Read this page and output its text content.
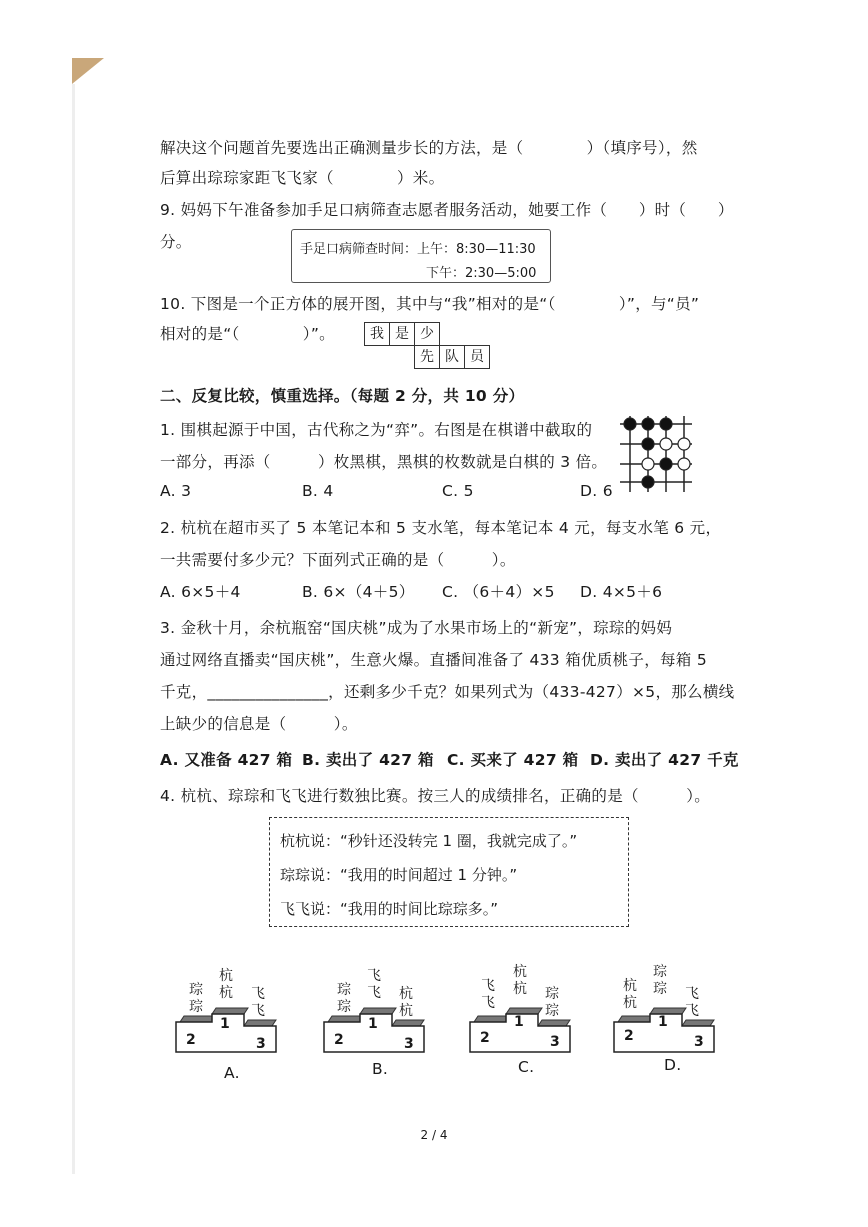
解决这个问题首先要选出正确测量步长的方法，是（　　　　）（填序号），然
后算出琮琮家距飞飞家（　　　　）米。
9. 妈妈下午准备参加手足口病筛查志愿者服务活动，她要工作（　　）时（　　）
分。	手足口病筛查时间：上午：8:30—11:30
下午：2:30—5:00
10. 下图是一个正方体的展开图，其中与“我”相对的是“（　　　　）”，与“员”
相对的是“（　　　　）”。	我 是 少
先 队 员
二、反复比较，慎重选择。（每题 2 分，共 10 分）
1. 围棋起源于中国，古代称之为“弈”。右图是在棋谱中截取的
一部分，再添（　　　）枚黑棋，黑棋的枚数就是白棋的 3 倍。
A. 3	B. 4	C. 5	D. 6
2. 杭杭在超市买了 5 本笔记本和 5 支水笔，每本笔记本 4 元，每支水笔 6 元，
一共需要付多少元？下面列式正确的是（　　　）。
A. 6×5＋4	B. 6×（4＋5） C. （6＋4）×5 D. 4×5＋6
3. 金秋十月，余杭瓶窑“国庆桃”成为了水果市场上的“新宠”，琮琮的妈妈
通过网络直播卖“国庆桃”，生意火爆。直播间准备了 433 箱优质桃子，每箱 5
千克，_______________，还剩多少千克？如果列式为（433-427）×5，那么横线
上缺少的信息是（　　　）。
A. 又准备 427 箱 B. 卖出了 427 箱 C. 买来了 427 箱 D. 卖出了 427 千克
4. 杭杭、琮琮和飞飞进行数独比赛。按三人的成绩排名，正确的是（　　　）。
杭杭说：“秒针还没转完 1 圈，我就完成了。”
琮琮说：“我用的时间超过 1 分钟。”
飞飞说：“我用的时间比琮琮多。”
1
2	3
杭杭
琮琮
飞飞
A.
1
2	3
飞飞
琮琮
杭杭
B.
1
2	3
杭杭
飞飞
琮琮
C.
1
2	3
琮琮
杭杭
飞飞
D.
2 / 4
